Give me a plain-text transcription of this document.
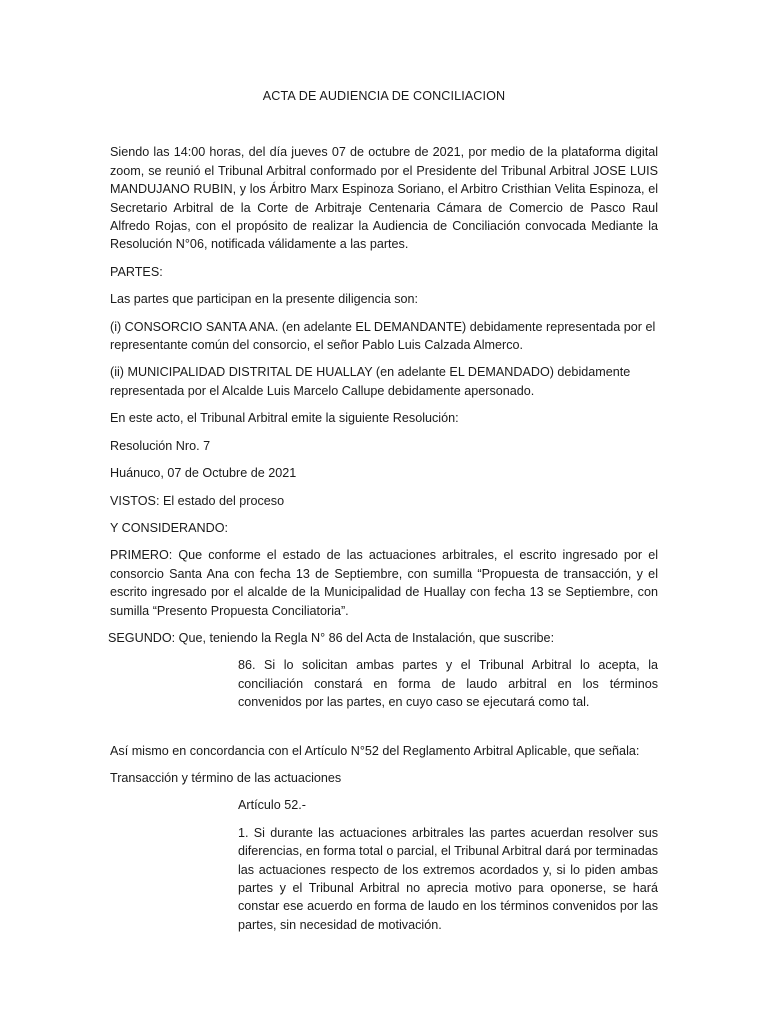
ACTA DE AUDIENCIA DE CONCILIACION

Siendo las 14:00 horas, del día jueves 07 de octubre de 2021, por medio de la plataforma digital zoom, se reunió el Tribunal Arbitral conformado por el Presidente del Tribunal Arbitral JOSE LUIS MANDUJANO RUBIN, y los Árbitro Marx Espinoza Soriano, el Arbitro Cristhian Velita Espinoza, el Secretario Arbitral de la Corte de Arbitraje Centenaria Cámara de Comercio de Pasco Raul Alfredo Rojas, con el propósito de realizar la Audiencia de Conciliación convocada Mediante la Resolución N°06, notificada válidamente a las partes.

PARTES:

Las partes que participan en la presente diligencia son:

(i) CONSORCIO SANTA ANA. (en adelante EL DEMANDANTE) debidamente representada por el representante común del consorcio, el señor Pablo Luis Calzada Almerco.

(ii) MUNICIPALIDAD DISTRITAL DE HUALLAY (en adelante EL DEMANDADO) debidamente representada por el Alcalde Luis Marcelo Callupe debidamente apersonado.

En este acto, el Tribunal Arbitral emite la siguiente Resolución:

Resolución Nro. 7

Huánuco, 07 de Octubre de 2021

VISTOS: El estado del proceso

Y CONSIDERANDO:

PRIMERO: Que conforme el estado de las actuaciones arbitrales, el escrito ingresado por el consorcio Santa Ana con fecha 13 de Septiembre, con sumilla “Propuesta de transacción, y el escrito ingresado por el alcalde de la Municipalidad de Huallay con fecha 13 se Septiembre, con sumilla “Presento Propuesta Conciliatoria”.

SEGUNDO: Que, teniendo la Regla N° 86 del Acta de Instalación, que suscribe:

86. Si lo solicitan ambas partes y el Tribunal Arbitral lo acepta, la conciliación constará en forma de laudo arbitral en los términos convenidos por las partes, en cuyo caso se ejecutará como tal.

Así mismo en concordancia con el Artículo N°52 del Reglamento Arbitral Aplicable, que señala:

Transacción y término de las actuaciones

Artículo 52.-

1. Si durante las actuaciones arbitrales las partes acuerdan resolver sus diferencias, en forma total o parcial, el Tribunal Arbitral dará por terminadas las actuaciones respecto de los extremos acordados y, si lo piden ambas partes y el Tribunal Arbitral no aprecia motivo para oponerse, se hará constar ese acuerdo en forma de laudo en los términos convenidos por las partes, sin necesidad de motivación.
